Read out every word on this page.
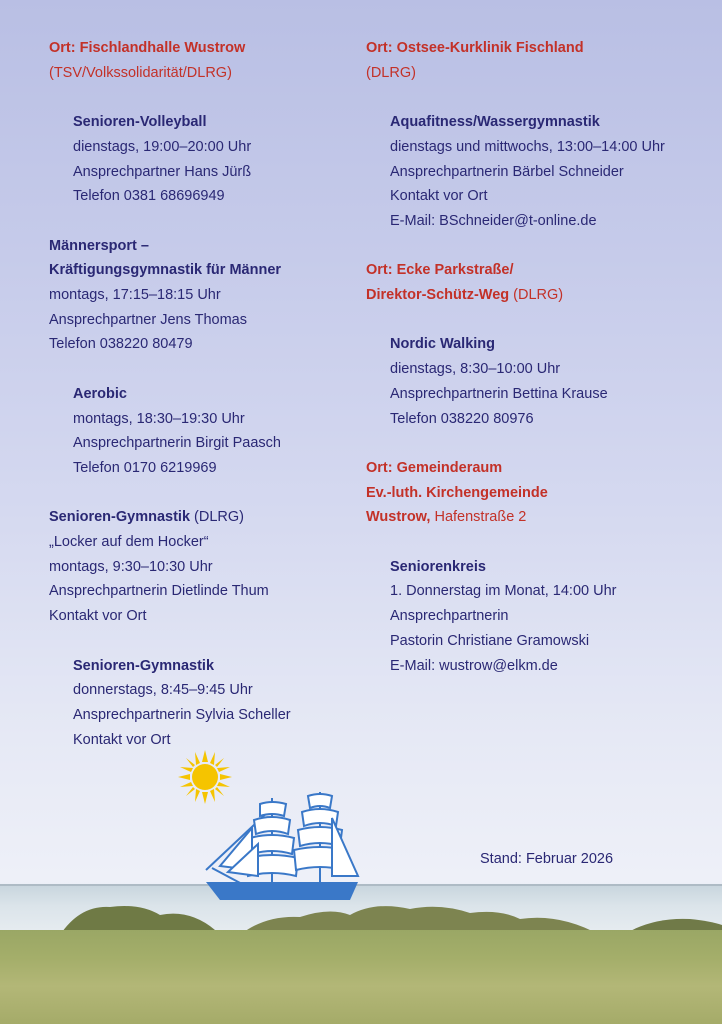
Ort: Fischlandhalle Wustrow
(TSV/Volkssolidarität/DLRG)
Senioren-Volleyball
dienstags, 19:00–20:00 Uhr
Ansprechpartner Hans Jürß
Telefon 0381 68696949
Männersport –
Kräftigungsgymnastik für Männer
montags, 17:15–18:15 Uhr
Ansprechpartner Jens Thomas
Telefon 038220 80479
Aerobic
montags, 18:30–19:30 Uhr
Ansprechpartnerin Birgit Paasch
Telefon 0170 6219969
Senioren-Gymnastik (DLRG)
„Locker auf dem Hocker“
montags, 9:30–10:30 Uhr
Ansprechpartnerin Dietlinde Thum
Kontakt vor Ort
Senioren-Gymnastik
donnerstags, 8:45–9:45 Uhr
Ansprechpartnerin Sylvia Scheller
Kontakt vor Ort
Ort: Ostsee-Kurklinik Fischland
(DLRG)
Aquafitness/Wassergymnastik
dienstags und mittwochs, 13:00–14:00 Uhr
Ansprechpartnerin Bärbel Schneider
Kontakt vor Ort
E-Mail: BSchneider@t-online.de
Ort: Ecke Parkstraße/
Direktor-Schütz-Weg (DLRG)
Nordic Walking
dienstags, 8:30–10:00 Uhr
Ansprechpartnerin Bettina Krause
Telefon 038220 80976
Ort: Gemeinderaum
Ev.-luth. Kirchengemeinde
Wustrow, Hafenstraße 2
Seniorenkreis
1. Donnerstag im Monat, 14:00 Uhr
Ansprechpartnerin
Pastorin Christiane Gramowski
E-Mail: wustrow@elkm.de
Stand: Februar 2026
